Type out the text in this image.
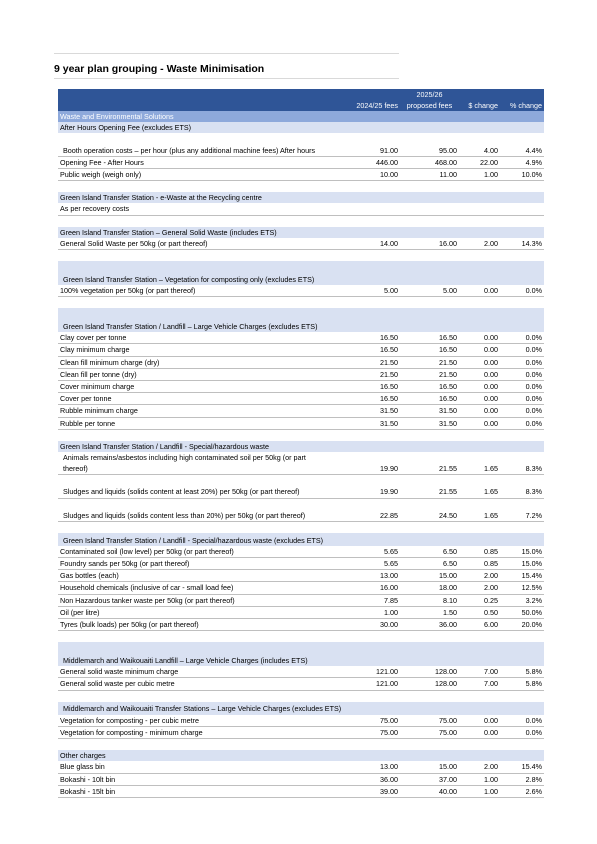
9 year plan grouping - Waste Minimisation
		2025/26		
	2024/25 fees	proposed fees	$ change	% change
Waste and Environmental Solutions				
After Hours Opening Fee (excludes ETS)				
Booth operation costs – per hour (plus any additional machine fees) After hours	91.00	95.00	4.00	4.4%
Opening Fee - After Hours	446.00	468.00	22.00	4.9%
Public weigh (weigh only)	10.00	11.00	1.00	10.0%

Green Island Transfer Station - e-Waste at the Recycling centre				
As per recovery costs				

Green Island Transfer Station – General Solid Waste (includes ETS)				
General Solid Waste per 50kg (or part thereof)	14.00	16.00	2.00	14.3%

Green Island Transfer Station – Vegetation for composting only (excludes ETS)				
100% vegetation per 50kg (or part thereof)	5.00	5.00	0.00	0.0%

Green Island Transfer Station / Landfill – Large Vehicle Charges (excludes ETS)				
Clay cover per tonne	16.50	16.50	0.00	0.0%
Clay minimum charge	16.50	16.50	0.00	0.0%
Clean fill minimum charge (dry)	21.50	21.50	0.00	0.0%
Clean fill per tonne (dry)	21.50	21.50	0.00	0.0%
Cover minimum charge	16.50	16.50	0.00	0.0%
Cover per tonne	16.50	16.50	0.00	0.0%
Rubble minimum charge	31.50	31.50	0.00	0.0%
Rubble per tonne	31.50	31.50	0.00	0.0%

Green Island Transfer Station / Landfill - Special/hazardous waste				
Animals remains/asbestos including high contaminated soil per 50kg (or part thereof)	19.90	21.55	1.65	8.3%

Sludges and liquids (solids content at least 20%) per 50kg (or part thereof)	19.90	21.55	1.65	8.3%

Sludges and liquids (solids content less than 20%) per 50kg (or part thereof)	22.85	24.50	1.65	7.2%

Green Island Transfer Station / Landfill - Special/hazardous waste (excludes ETS)				
Contaminated soil (low level) per 50kg (or part thereof)	5.65	6.50	0.85	15.0%
Foundry sands per 50kg (or part thereof)	5.65	6.50	0.85	15.0%
Gas bottles (each)	13.00	15.00	2.00	15.4%
Household chemicals (inclusive of car - small load fee)	16.00	18.00	2.00	12.5%
Non Hazardous tanker waste per 50kg (or part thereof)	7.85	8.10	0.25	3.2%
Oil (per litre)	1.00	1.50	0.50	50.0%
Tyres (bulk loads) per 50kg (or part thereof)	30.00	36.00	6.00	20.0%

Middlemarch and Waikouaiti Landfill – Large Vehicle Charges (includes ETS)				
General solid waste minimum charge	121.00	128.00	7.00	5.8%
General solid waste per cubic metre	121.00	128.00	7.00	5.8%

Middlemarch and Waikouaiti Transfer Stations – Large Vehicle Charges (excludes ETS)				
Vegetation for composting - per cubic metre	75.00	75.00	0.00	0.0%
Vegetation for composting - minimum charge	75.00	75.00	0.00	0.0%

Other charges				
Blue glass bin	13.00	15.00	2.00	15.4%
Bokashi - 10lt bin	36.00	37.00	1.00	2.8%
Bokashi - 15lt bin	39.00	40.00	1.00	2.6%
